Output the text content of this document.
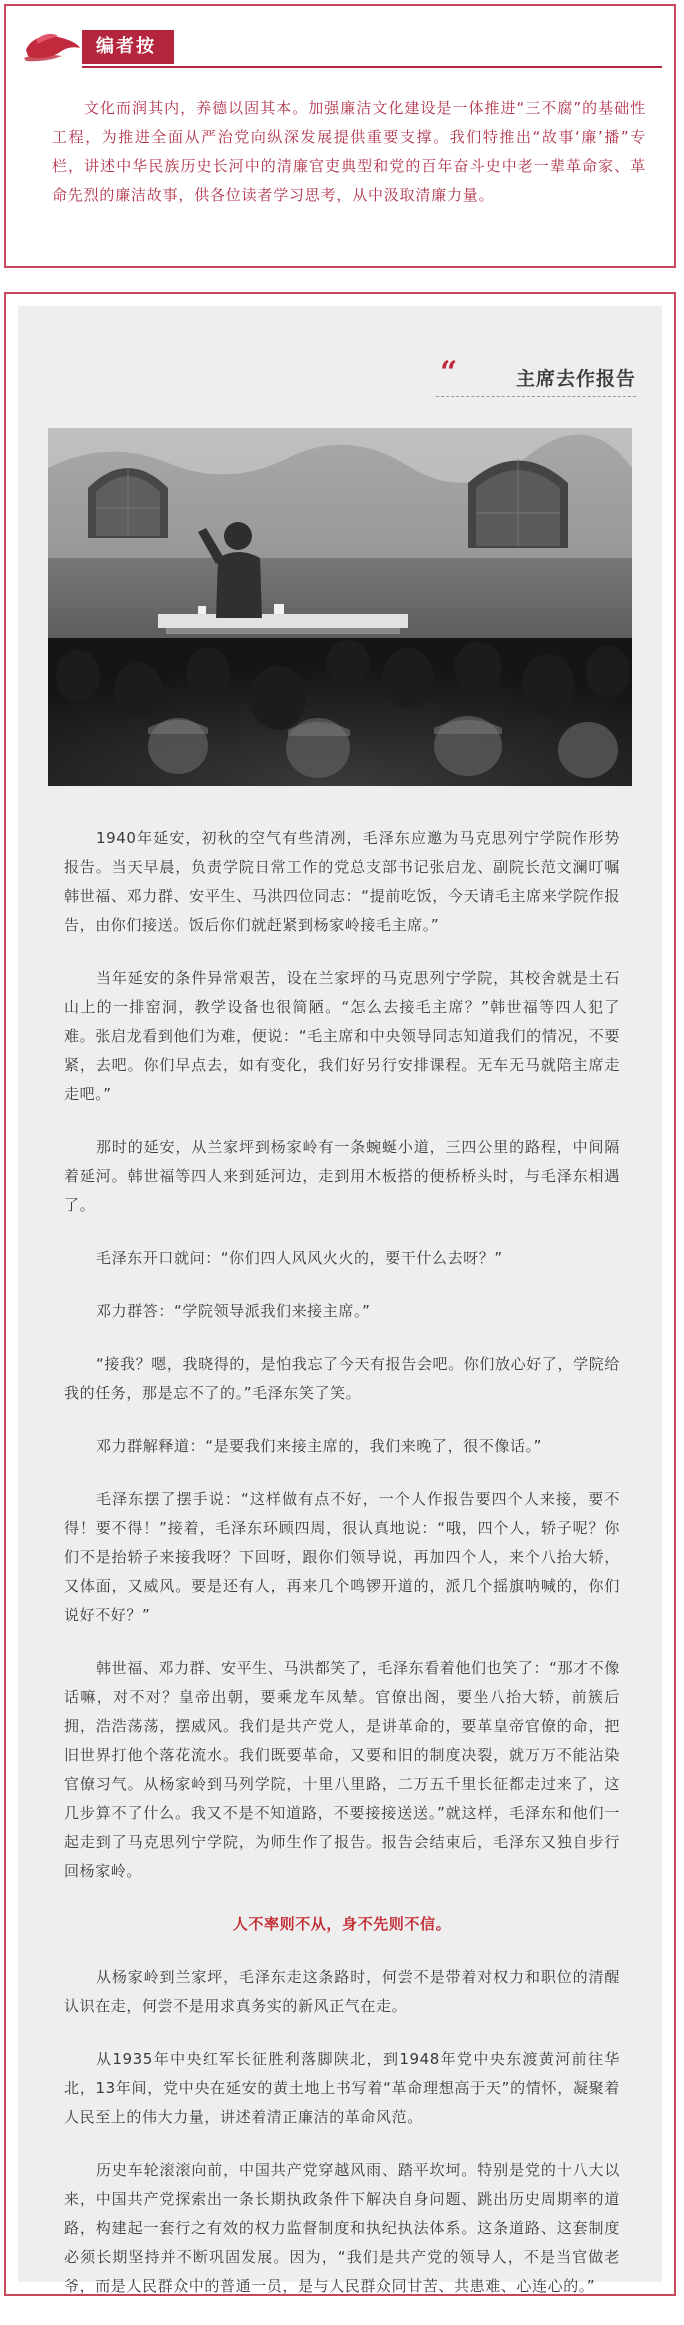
编者按

文化而润其内，养德以固其本。加强廉洁文化建设是一体推进“三不腐”的基础性工程，为推进全面从严治党向纵深发展提供重要支撑。我们特推出“故事‘廉’播”专栏，讲述中华民族历史长河中的清廉官吏典型和党的百年奋斗史中老一辈革命家、革命先烈的廉洁故事，供各位读者学习思考，从中汲取清廉力量。

“	主席去作报告

1940年延安，初秋的空气有些清冽，毛泽东应邀为马克思列宁学院作形势报告。当天早晨，负责学院日常工作的党总支部书记张启龙、副院长范文澜叮嘱韩世福、邓力群、安平生、马洪四位同志：“提前吃饭，今天请毛主席来学院作报告，由你们接送。饭后你们就赶紧到杨家岭接毛主席。”

当年延安的条件异常艰苦，设在兰家坪的马克思列宁学院，其校舍就是土石山上的一排窑洞，教学设备也很简陋。“怎么去接毛主席？”韩世福等四人犯了难。张启龙看到他们为难，便说：“毛主席和中央领导同志知道我们的情况，不要紧，去吧。你们早点去，如有变化，我们好另行安排课程。无车无马就陪主席走走吧。”

那时的延安，从兰家坪到杨家岭有一条蜿蜒小道，三四公里的路程，中间隔着延河。韩世福等四人来到延河边，走到用木板搭的便桥桥头时，与毛泽东相遇了。

毛泽东开口就问：“你们四人风风火火的，要干什么去呀？”

邓力群答：“学院领导派我们来接主席。”

“接我？嗯，我晓得的，是怕我忘了今天有报告会吧。你们放心好了，学院给我的任务，那是忘不了的。”毛泽东笑了笑。

邓力群解释道：“是要我们来接主席的，我们来晚了，很不像话。”

毛泽东摆了摆手说：“这样做有点不好，一个人作报告要四个人来接，要不得！要不得！”接着，毛泽东环顾四周，很认真地说：“哦，四个人，轿子呢？你们不是抬轿子来接我呀？下回呀，跟你们领导说，再加四个人，来个八抬大轿，又体面，又威风。要是还有人，再来几个鸣锣开道的，派几个摇旗呐喊的，你们说好不好？”

韩世福、邓力群、安平生、马洪都笑了，毛泽东看着他们也笑了：“那才不像话嘛，对不对？皇帝出朝，要乘龙车凤辇。官僚出阁，要坐八抬大轿，前簇后拥，浩浩荡荡，摆威风。我们是共产党人，是讲革命的，要革皇帝官僚的命，把旧世界打他个落花流水。我们既要革命，又要和旧的制度决裂，就万万不能沾染官僚习气。从杨家岭到马列学院，十里八里路，二万五千里长征都走过来了，这几步算不了什么。我又不是不知道路，不要接接送送。”就这样，毛泽东和他们一起走到了马克思列宁学院，为师生作了报告。报告会结束后，毛泽东又独自步行回杨家岭。

人不率则不从，身不先则不信。

从杨家岭到兰家坪，毛泽东走这条路时，何尝不是带着对权力和职位的清醒认识在走，何尝不是用求真务实的新风正气在走。

从1935年中央红军长征胜利落脚陕北，到1948年党中央东渡黄河前往华北，13年间，党中央在延安的黄土地上书写着“革命理想高于天”的情怀，凝聚着人民至上的伟大力量，讲述着清正廉洁的革命风范。

历史车轮滚滚向前，中国共产党穿越风雨、踏平坎坷。特别是党的十八大以来，中国共产党探索出一条长期执政条件下解决自身问题、跳出历史周期率的道路，构建起一套行之有效的权力监督制度和执纪执法体系。这条道路、这套制度必须长期坚持并不断巩固发展。因为，“我们是共产党的领导人，不是当官做老爷，而是人民群众中的普通一员，是与人民群众同甘苦、共患难、心连心的。”
